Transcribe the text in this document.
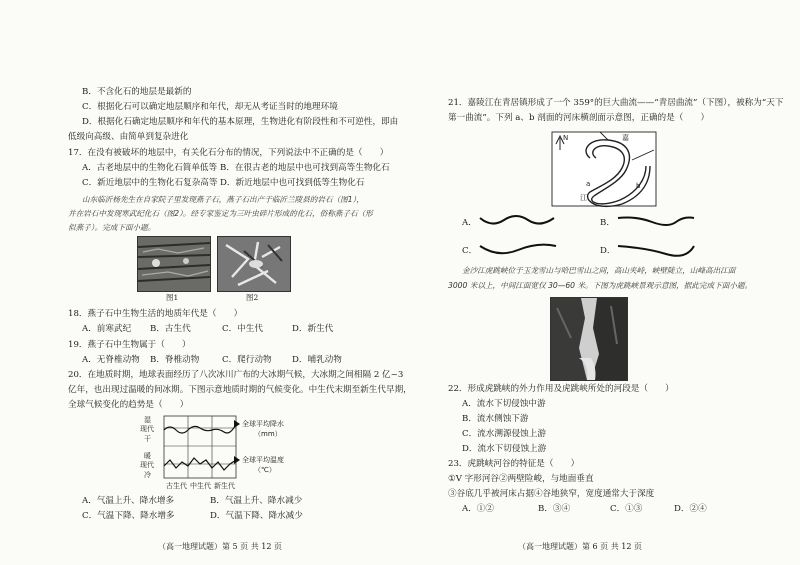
B．不含化石的地层是最新的
C．根据化石可以确定地层顺序和年代，却无从考证当时的地理环境
D．根据化石确定地层顺序和年代的基本原理，生物进化有阶段性和不可逆性，即由
低级向高级、由简单到复杂进化
17．在没有被破坏的地层中，有关化石分布的情况，下列说法中不正确的是（　　）
A．古老地层中的生物化石简单低等 B．在很古老的地层中也可找到高等生物化石
C．新近地层中的生物化石复杂高等 D．新近地层中也可找到低等生物化石
山东临沂杨先生在自家院子里发现燕子石，燕子石出产于临沂兰陵县的岩石（图1），
并在岩石中发现寒武纪化石（图2）。经专家鉴定为三叶虫碎片形成的化石，俗称燕子石（形
似燕子）。完成下面小题。
图1	图2
18．燕子石中生物生活的地质年代是（　　）
A．前寒武纪 B．古生代	C．中生代	D．新生代
19．燕子石中生物属于（　　）
A．无脊椎动物 B．脊椎动物	C．爬行动物 D．哺乳动物
20．在地质时期，地球表面经历了八次冰川广布的大冰期气候，大冰期之间相隔 2 亿~3
亿年，也出现过温暖的间冰期。下图示意地质时期的气候变化。中生代末期至新生代早期，
全球气候变化的趋势是（　　）
湿
现代
干
暖
现代
冷
全球平均降水
（mm）
全球平均温度
（℃）
古生代 中生代 新生代
A．气温上升、降水增多	B．气温上升、降水减少
C．气温下降、降水增多	D．气温下降、降水减少
（高一地理试题）第 5 页 共 12 页
21．嘉陵江在青居镇形成了一个 359°的巨大曲流——“青居曲流”（下图），被称为“天下
第一曲流”。下列 a、b 剖面的河床横剖面示意图，正确的是（　　）
N	嘉
a	b
江
A．	B．
C．	D．
金沙江虎跳峡位于玉龙雪山与哈巴雪山之间，高山夹峙，峡壁陡立，山峰高出江面
3000 米以上，中间江面宽仅 30—60 米。下图为虎跳峡景观示意图，据此完成下面小题。
22．形成虎跳峡的外力作用及虎跳峡所处的河段是（　　）
A．流水下切侵蚀中游
B．流水侧蚀下游
C．流水溯源侵蚀上游
D．流水下切侵蚀上游
23．虎跳峡河谷的特征是（　　）
①V 字形河谷②两壁险峻，与地面垂直
③谷底几乎被河床占据④谷地狭窄，宽度通常大于深度
A．①②	B．③④	C．①③	D．②④
（高一地理试题）第 6 页 共 12 页
